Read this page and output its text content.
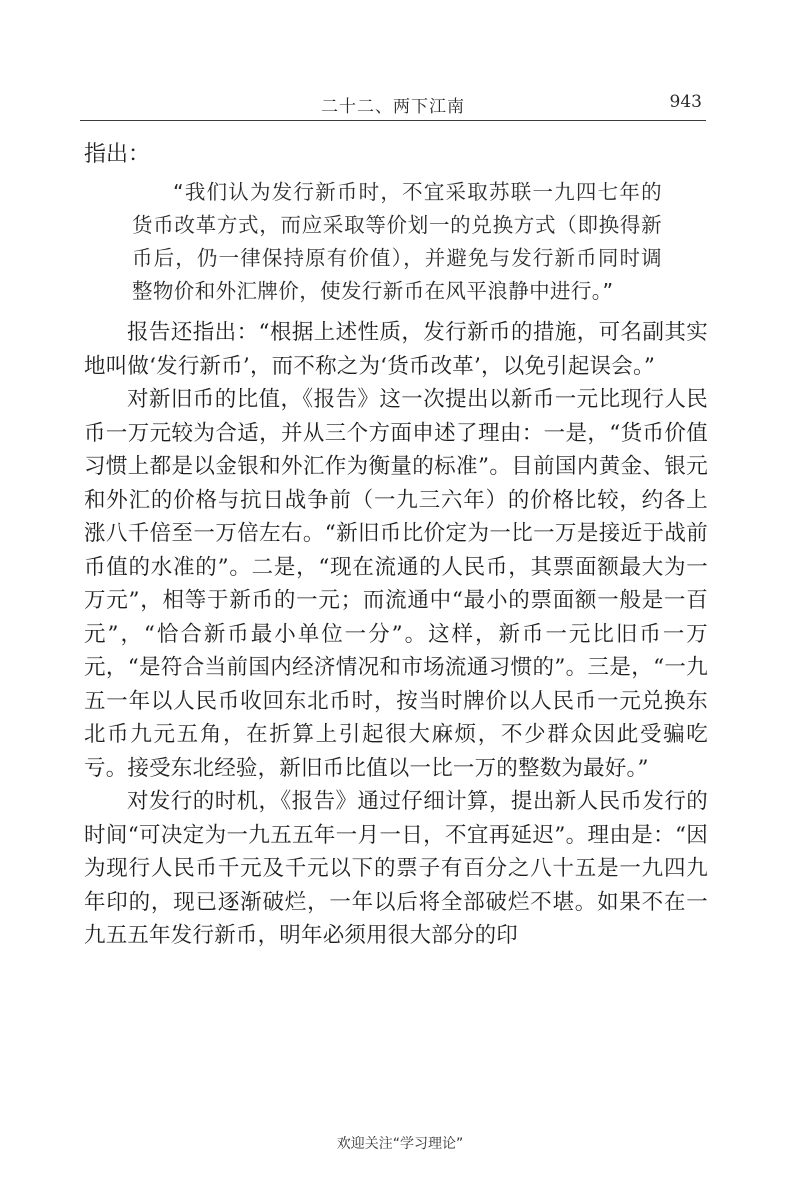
二十二、两下江南	943

指出：

“我们认为发行新币时，不宜采取苏联一九四七年的货币改革方式，而应采取等价划一的兑换方式（即换得新币后，仍一律保持原有价值），并避免与发行新币同时调整物价和外汇牌价，使发行新币在风平浪静中进行。”

报告还指出：“根据上述性质，发行新币的措施，可名副其实地叫做‘发行新币’，而不称之为‘货币改革’，以免引起误会。”

对新旧币的比值，《报告》这一次提出以新币一元比现行人民币一万元较为合适，并从三个方面申述了理由：一是，“货币价值习惯上都是以金银和外汇作为衡量的标准”。目前国内黄金、银元和外汇的价格与抗日战争前（一九三六年）的价格比较，约各上涨八千倍至一万倍左右。“新旧币比价定为一比一万是接近于战前币值的水准的”。二是，“现在流通的人民币，其票面额最大为一万元”，相等于新币的一元；而流通中“最小的票面额一般是一百元”，“恰合新币最小单位一分”。这样，新币一元比旧币一万元，“是符合当前国内经济情况和市场流通习惯的”。三是，“一九五一年以人民币收回东北币时，按当时牌价以人民币一元兑换东北币九元五角，在折算上引起很大麻烦，不少群众因此受骗吃亏。接受东北经验，新旧币比值以一比一万的整数为最好。”

对发行的时机，《报告》通过仔细计算，提出新人民币发行的时间“可决定为一九五五年一月一日，不宜再延迟”。理由是：“因为现行人民币千元及千元以下的票子有百分之八十五是一九四九年印的，现已逐渐破烂，一年以后将全部破烂不堪。如果不在一九五五年发行新币，明年必须用很大部分的印

欢迎关注“学习理论”
